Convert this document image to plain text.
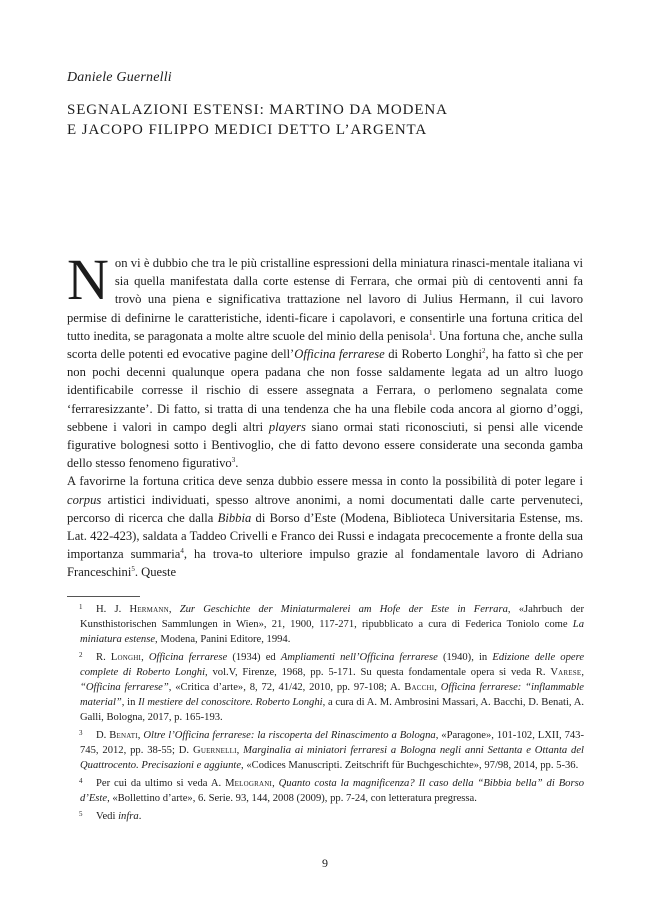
Daniele Guernelli
SEGNALAZIONI ESTENSI: MARTINO DA MODENA
E JACOPO FILIPPO MEDICI DETTO L’ARGENTA
N on vi è dubbio che tra le più cristalline espressioni della miniatura rinasci-mentale italiana vi sia quella manifestata dalla corte estense di Ferrara, che ormai più di centoventi anni fa trovò una piena e significativa trattazione nel lavoro di Julius Hermann, il cui lavoro permise di definirne le caratteristiche, identi-ficare i capolavori, e consentirle una fortuna critica del tutto inedita, se paragonata a molte altre scuole del minio della penisola$^1$. Una fortuna che, anche sulla scorta delle potenti ed evocative pagine dell’Officina ferrarese di Roberto Longhi$^2$, ha fatto sì che per non pochi decenni qualunque opera padana che non fosse saldamente legata ad un altro luogo identificabile corresse il rischio di essere assegnata a Ferrara, o perlomeno segnalata come ‘ferraresizzante’. Di fatto, si tratta di una tendenza che ha una flebile coda ancora al giorno d’oggi, sebbene i valori in campo degli altri players siano ormai stati riconosciuti, si pensi alle vicende figurative bolognesi sotto i Bentivoglio, che di fatto devono essere considerate una seconda gamba dello stesso fenomeno figurativo$^3$.
A favorirne la fortuna critica deve senza dubbio essere messa in conto la possibilità di poter legare i corpus artistici individuati, spesso altrove anonimi, a nomi documentati dalle carte pervenuteci, percorso di ricerca che dalla Bibbia di Borso d’Este (Modena, Biblioteca Universitaria Estense, ms. Lat. 422-423), saldata a Taddeo Crivelli e Franco dei Russi e indagata precocemente a fronte della sua importanza summaria$^4$, ha trova-to ulteriore impulso grazie al fondamentale lavoro di Adriano Franceschini$^5$. Queste
1 H. J. Hermann, Zur Geschichte der Miniaturmalerei am Hofe der Este in Ferrara, «Jahrbuch der Kunsthistorischen Sammlungen in Wien», 21, 1900, 117-271, ripubblicato a cura di Federica Toniolo come La miniatura estense, Modena, Panini Editore, 1994.
2 R. Longhi, Officina ferrarese (1934) ed Ampliamenti nell’Officina ferrarese (1940), in Edizione delle opere complete di Roberto Longhi, vol.V, Firenze, 1968, pp. 5-171. Su questa fondamentale opera si veda R. Varese, “Officina ferrarese”, «Critica d’arte», 8, 72, 41/42, 2010, pp. 97-108; A. Bacchi, Officina ferrarese: “inflammable material”, in Il mestiere del conoscitore. Roberto Longhi, a cura di A. M. Ambrosini Massari, A. Bacchi, D. Benati, A. Galli, Bologna, 2017, p. 165-193.
3 D. Benati, Oltre l’Officina ferrarese: la riscoperta del Rinascimento a Bologna, «Paragone», 101-102, LXII, 743-745, 2012, pp. 38-55; D. Guernelli, Marginalia ai miniatori ferraresi a Bologna negli anni Settanta e Ottanta del Quattrocento. Precisazioni e aggiunte, «Codices Manuscripti. Zeitschrift für Buchgeschichte», 97/98, 2014, pp. 5-36.
4 Per cui da ultimo si veda A. Melograni, Quanto costa la magnificenza? Il caso della “Bibbia bella” di Borso d’Este, «Bollettino d’arte», 6. Serie. 93, 144, 2008 (2009), pp. 7-24, con letteratura pregressa.
5 Vedi infra.
9
